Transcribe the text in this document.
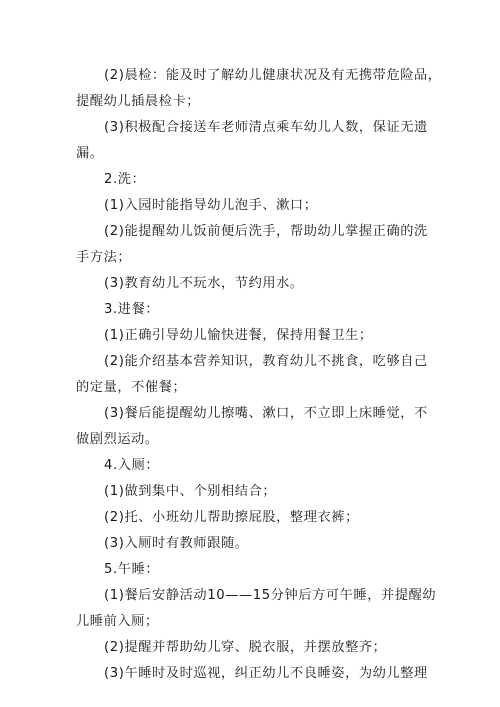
(2)晨检：能及时了解幼儿健康状况及有无携带危险品，
提醒幼儿插晨检卡；
(3)积极配合接送车老师清点乘车幼儿人数，保证无遗
漏。
2.洗：
(1)入园时能指导幼儿泡手、漱口；
(2)能提醒幼儿饭前便后洗手，帮助幼儿掌握正确的洗
手方法；
(3)教育幼儿不玩水，节约用水。
3.进餐：
(1)正确引导幼儿愉快进餐，保持用餐卫生；
(2)能介绍基本营养知识，教育幼儿不挑食，吃够自己
的定量，不催餐；
(3)餐后能提醒幼儿擦嘴、漱口，不立即上床睡觉，不
做剧烈运动。
4.入厕：
(1)做到集中、个别相结合；
(2)托、小班幼儿帮助擦屁股，整理衣裤；
(3)入厕时有教师跟随。
5.午睡：
(1)餐后安静活动10——15分钟后方可午睡，并提醒幼
儿睡前入厕；
(2)提醒并帮助幼儿穿、脱衣服，并摆放整齐；
(3)午睡时及时巡视，纠正幼儿不良睡姿，为幼儿整理
